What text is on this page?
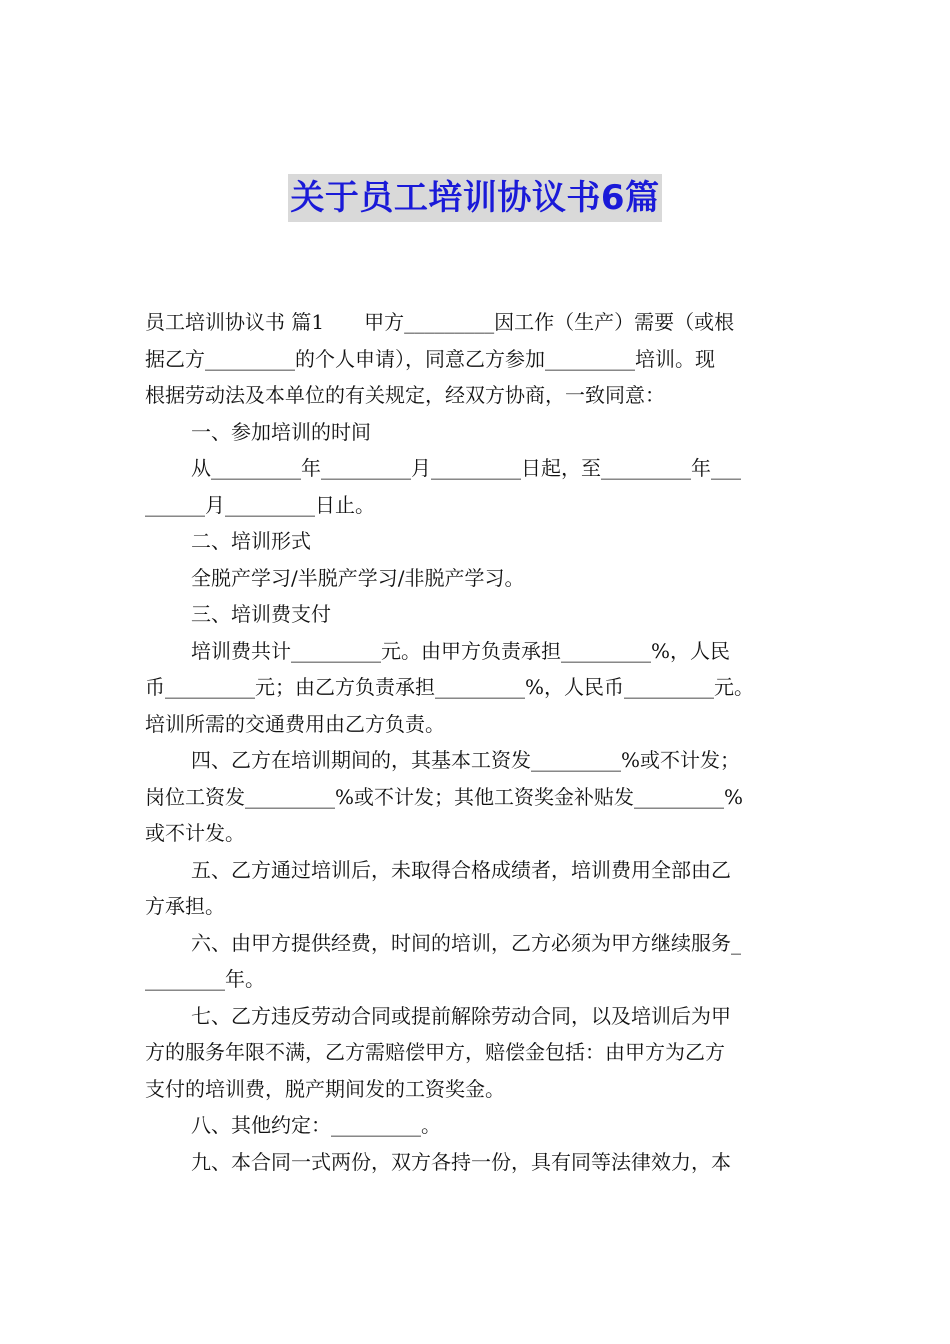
关于员工培训协议书6篇
员工培训协议书 篇1　　甲方_________因工作（生产）需要（或根
据乙方_________的个人申请），同意乙方参加_________培训。现
根据劳动法及本单位的有关规定，经双方协商，一致同意：
一、参加培训的时间
从_________年_________月_________日起，至_________年___
______月_________日止。
二、培训形式
全脱产学习/半脱产学习/非脱产学习。
三、培训费支付
培训费共计_________元。由甲方负责承担_________%，人民
币_________元；由乙方负责承担_________%，人民币_________元。
培训所需的交通费用由乙方负责。
四、乙方在培训期间的，其基本工资发_________%或不计发；
岗位工资发_________%或不计发；其他工资奖金补贴发_________%
或不计发。
五、乙方通过培训后，未取得合格成绩者，培训费用全部由乙
方承担。
六、由甲方提供经费，时间的培训，乙方必须为甲方继续服务_
________年。
七、乙方违反劳动合同或提前解除劳动合同，以及培训后为甲
方的服务年限不满，乙方需赔偿甲方，赔偿金包括：由甲方为乙方
支付的培训费，脱产期间发的工资奖金。
八、其他约定：_________。
九、本合同一式两份，双方各持一份，具有同等法律效力，本
